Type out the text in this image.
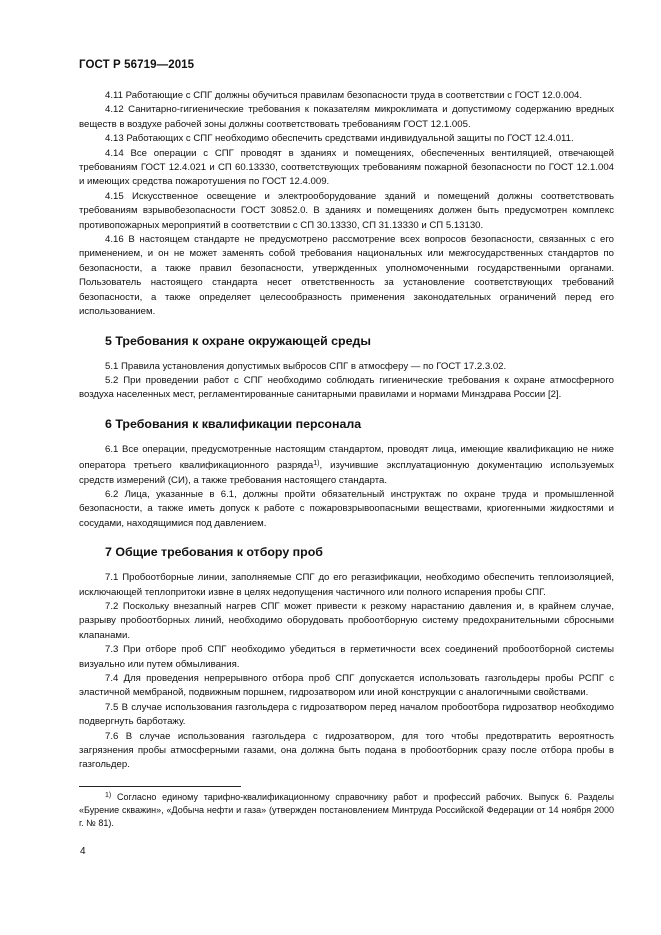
ГОСТ Р 56719—2015

4.11 Работающие с СПГ должны обучиться правилам безопасности труда в соответствии с ГОСТ 12.0.004.

4.12 Санитарно-гигиенические требования к показателям микроклимата и допустимому содержанию вредных веществ в воздухе рабочей зоны должны соответствовать требованиям ГОСТ 12.1.005.

4.13 Работающих с СПГ необходимо обеспечить средствами индивидуальной защиты по ГОСТ 12.4.011.

4.14 Все операции с СПГ проводят в зданиях и помещениях, обеспеченных вентиляцией, отвечающей требованиям ГОСТ 12.4.021 и СП 60.13330, соответствующих требованиям пожарной безопасности по ГОСТ 12.1.004 и имеющих средства пожаротушения по ГОСТ 12.4.009.

4.15 Искусственное освещение и электрооборудование зданий и помещений должны соответствовать требованиям взрывобезопасности ГОСТ 30852.0. В зданиях и помещениях должен быть предусмотрен комплекс противопожарных мероприятий в соответствии с СП 30.13330, СП 31.13330 и СП 5.13130.

4.16 В настоящем стандарте не предусмотрено рассмотрение всех вопросов безопасности, связанных с его применением, и он не может заменять собой требования национальных или межгосударственных стандартов по безопасности, а также правил безопасности, утвержденных уполномоченными государственными органами. Пользователь настоящего стандарта несет ответственность за установление соответствующих требований безопасности, а также определяет целесообразность применения законодательных ограничений перед его использованием.

5 Требования к охране окружающей среды

5.1 Правила установления допустимых выбросов СПГ в атмосферу — по ГОСТ 17.2.3.02.

5.2 При проведении работ с СПГ необходимо соблюдать гигиенические требования к охране атмосферного воздуха населенных мест, регламентированные санитарными правилами и нормами Минздрава России [2].

6 Требования к квалификации персонала

6.1 Все операции, предусмотренные настоящим стандартом, проводят лица, имеющие квалификацию не ниже оператора третьего квалификационного разряда$^{1)}$, изучившие эксплуатационную документацию используемых средств измерений (СИ), а также требования настоящего стандарта.

6.2 Лица, указанные в 6.1, должны пройти обязательный инструктаж по охране труда и промышленной безопасности, а также иметь допуск к работе с пожаровзрывоопасными веществами, криогенными жидкостями и сосудами, находящимися под давлением.

7 Общие требования к отбору проб

7.1 Пробоотборные линии, заполняемые СПГ до его регазификации, необходимо обеспечить теплоизоляцией, исключающей теплопритоки извне в целях недопущения частичного или полного испарения пробы СПГ.

7.2 Поскольку внезапный нагрев СПГ может привести к резкому нарастанию давления и, в крайнем случае, разрыву пробоотборных линий, необходимо оборудовать пробоотборную систему предохранительными сбросными клапанами.

7.3 При отборе проб СПГ необходимо убедиться в герметичности всех соединений пробоотборной системы визуально или путем обмыливания.

7.4 Для проведения непрерывного отбора проб СПГ допускается использовать газгольдеры пробы РСПГ с эластичной мембраной, подвижным поршнем, гидрозатвором или иной конструкции с аналогичными свойствами.

7.5 В случае использования газгольдера с гидрозатвором перед началом пробоотбора гидрозатвор необходимо подвергнуть барботажу.

7.6 В случае использования газгольдера с гидрозатвором, для того чтобы предотвратить вероятность загрязнения пробы атмосферными газами, она должна быть подана в пробоотборник сразу после отбора пробы в газгольдер.

$^{1)}$ Согласно единому тарифно-квалификационному справочнику работ и профессий рабочих. Выпуск 6. Разделы «Бурение скважин», «Добыча нефти и газа» (утвержден постановлением Минтруда Российской Федерации от 14 ноября 2000 г. № 81).

4
